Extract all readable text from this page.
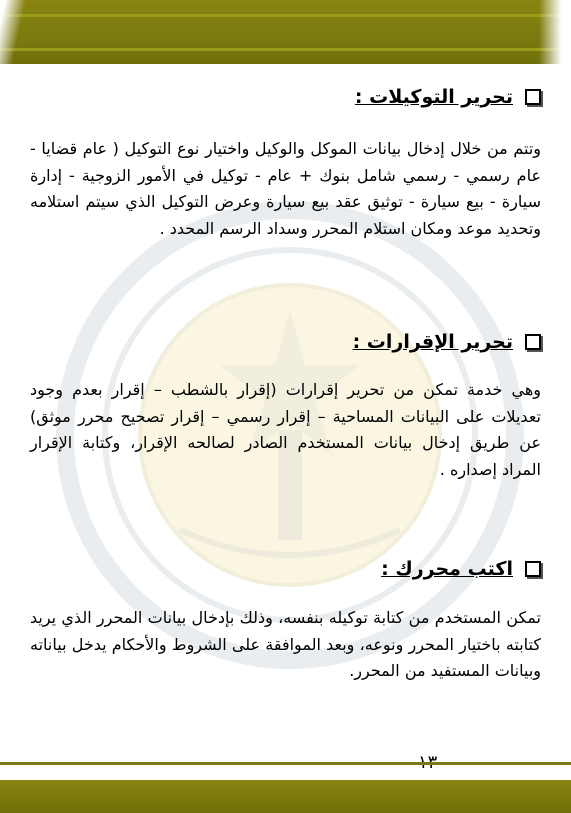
تحرير التوكيلات :

وتتم من خلال إدخال بيانات الموكل والوكيل واختيار نوع التوكيل ( عام قضايا - عام رسمي - رسمي شامل بنوك + عام - توكيل في الأمور الزوجية - إدارة سيارة - بيع سيارة - توثيق عقد بيع سيارة وعرض التوكيل الذي سيتم استلامه وتحديد موعد ومكان استلام المحرر وسداد الرسم المحدد .

تحرير الإقرارات :

وهي خدمة تمكن من تحرير إقرارات (إقرار بالشطب – إقرار بعدم وجود تعديلات على البيانات المساحية – إقرار رسمي – إقرار تصحيح محرر موثق) عن طريق إدخال بيانات المستخدم الصادر لصالحه الإقرار، وكتابة الإقرار المراد إصداره .

اكتب محررك :

تمكن المستخدم من كتابة توكيله بنفسه، وذلك بإدخال بيانات المحرر الذي يريد كتابته باختيار المحرر ونوعه، وبعد الموافقة على الشروط والأحكام يدخل بياناته وبيانات المستفيد من المحرر.
